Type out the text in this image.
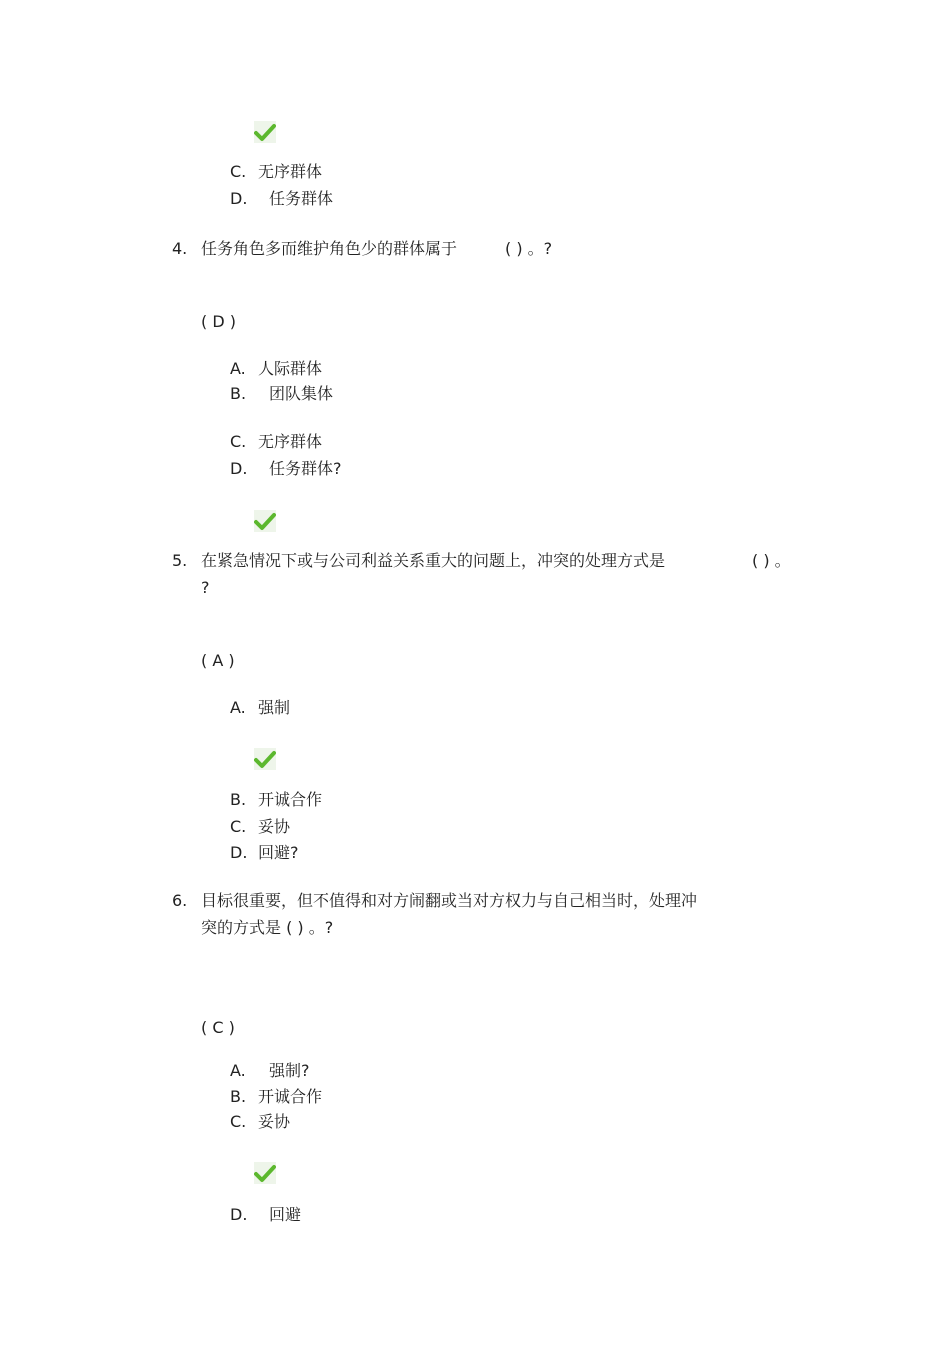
C. 无序群体
D.	任务群体
4. 任务角色多而维护角色少的群体属于	( ) 。?
( D )
A. 人际群体
B.	团队集体
C. 无序群体
D.	任务群体?
5. 在紧急情况下或与公司利益关系重大的问题上，冲突的处理方式是	( ) 。
?
( A )
A. 强制
B. 开诚合作
C. 妥协
D. 回避?
6. 目标很重要，但不值得和对方闹翻或当对方权力与自己相当时，处理冲
突的方式是 ( ) 。?
( C )
A.	强制?
B. 开诚合作
C. 妥协
D.	回避
